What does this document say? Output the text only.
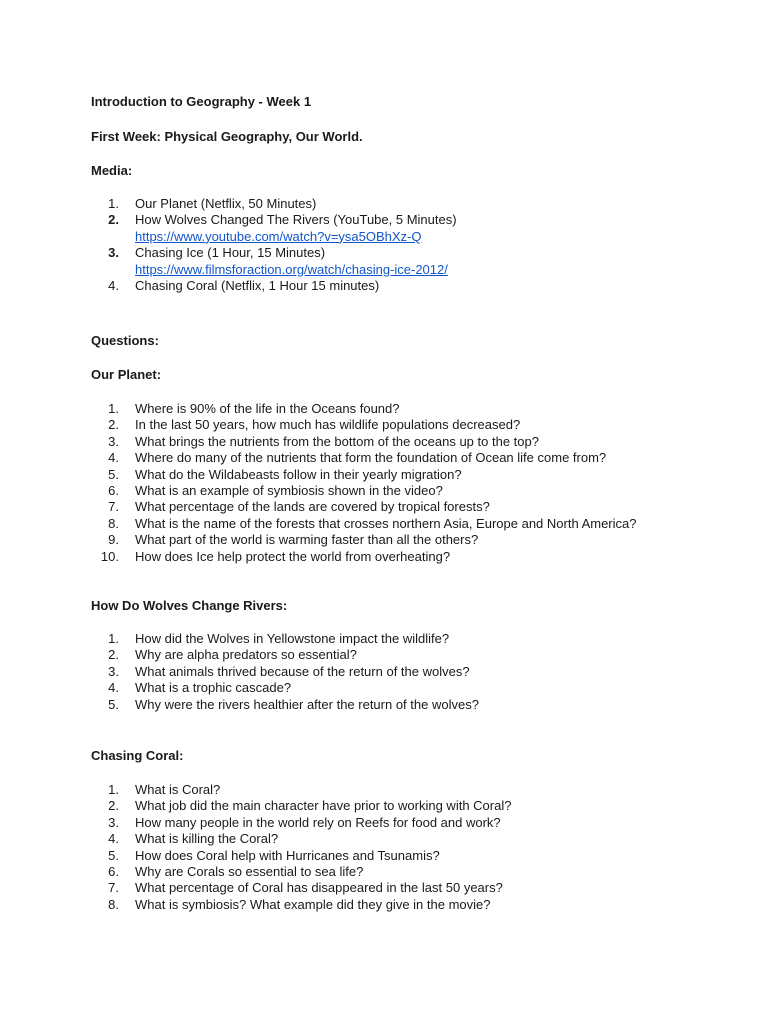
Introduction to Geography - Week 1

First Week: Physical Geography, Our World.

Media:

1.	Our Planet (Netflix, 50 Minutes)
2.	How Wolves Changed The Rivers (YouTube, 5 Minutes)
https://www.youtube.com/watch?v=ysa5OBhXz-Q
3.	Chasing Ice (1 Hour, 15 Minutes)
https://www.filmsforaction.org/watch/chasing-ice-2012/
4.	Chasing Coral (Netflix, 1 Hour 15 minutes)

Questions:

Our Planet:

1.	Where is 90% of the life in the Oceans found?
2.	In the last 50 years, how much has wildlife populations decreased?
3.	What brings the nutrients from the bottom of the oceans up to the top?
4.	Where do many of the nutrients that form the foundation of Ocean life come from?
5.	What do the Wildabeasts follow in their yearly migration?
6.	What is an example of symbiosis shown in the video?
7.	What percentage of the lands are covered by tropical forests?
8.	What is the name of the forests that crosses northern Asia, Europe and North America?
9.	What part of the world is warming faster than all the others?
10.	How does Ice help protect the world from overheating?

How Do Wolves Change Rivers:

1.	How did the Wolves in Yellowstone impact the wildlife?
2.	Why are alpha predators so essential?
3.	What animals thrived because of the return of the wolves?
4.	What is a trophic cascade?
5.	Why were the rivers healthier after the return of the wolves?

Chasing Coral:

1.	What is Coral?
2.	What job did the main character have prior to working with Coral?
3.	How many people in the world rely on Reefs for food and work?
4.	What is killing the Coral?
5.	How does Coral help with Hurricanes and Tsunamis?
6.	Why are Corals so essential to sea life?
7.	What percentage of Coral has disappeared in the last 50 years?
8.	What is symbiosis? What example did they give in the movie?
